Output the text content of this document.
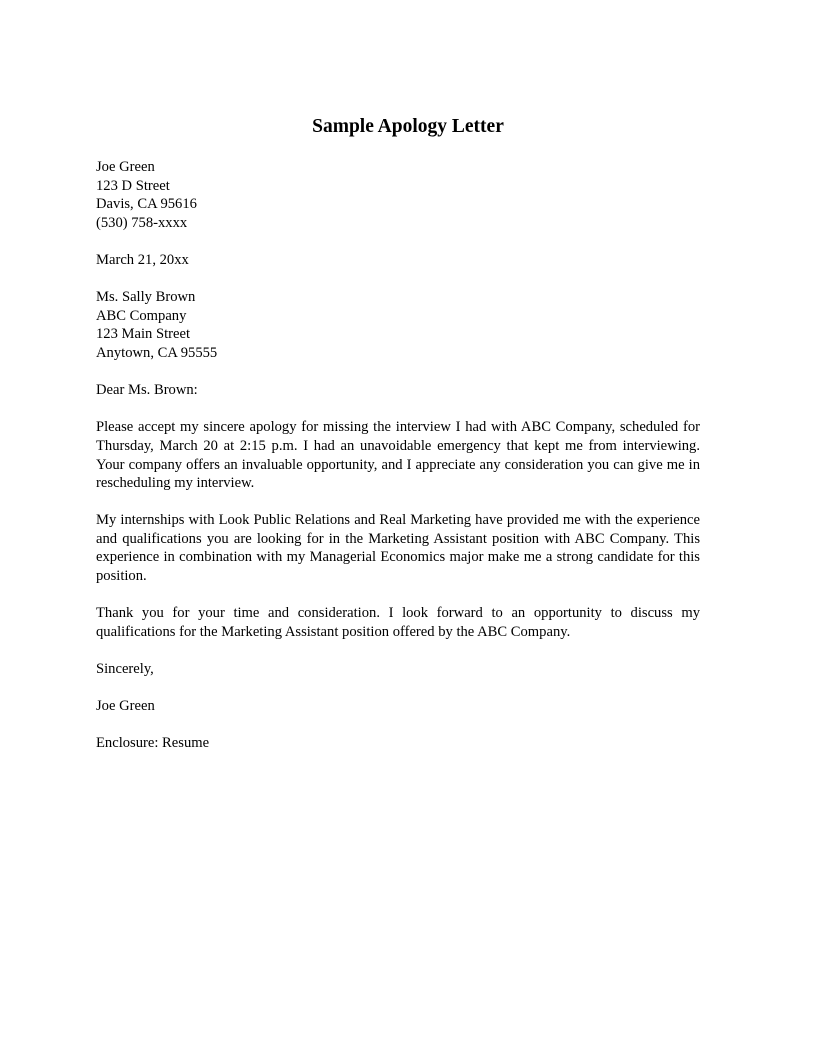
Sample Apology Letter
Joe Green
123 D Street
Davis, CA 95616
(530) 758-xxxx
March 21, 20xx
Ms. Sally Brown
ABC Company
123 Main Street
Anytown, CA 95555
Dear Ms. Brown:

Please accept my sincere apology for missing the interview I had with ABC Company, scheduled for Thursday, March 20 at 2:15 p.m. I had an unavoidable emergency that kept me from interviewing. Your company offers an invaluable opportunity, and I appreciate any consideration you can give me in rescheduling my interview.

My internships with Look Public Relations and Real Marketing have provided me with the experience and qualifications you are looking for in the Marketing Assistant position with ABC Company. This experience in combination with my Managerial Economics major make me a strong candidate for this position.

Thank you for your time and consideration. I look forward to an opportunity to discuss my qualifications for the Marketing Assistant position offered by the ABC Company.

Sincerely,
Joe Green
Enclosure: Resume
